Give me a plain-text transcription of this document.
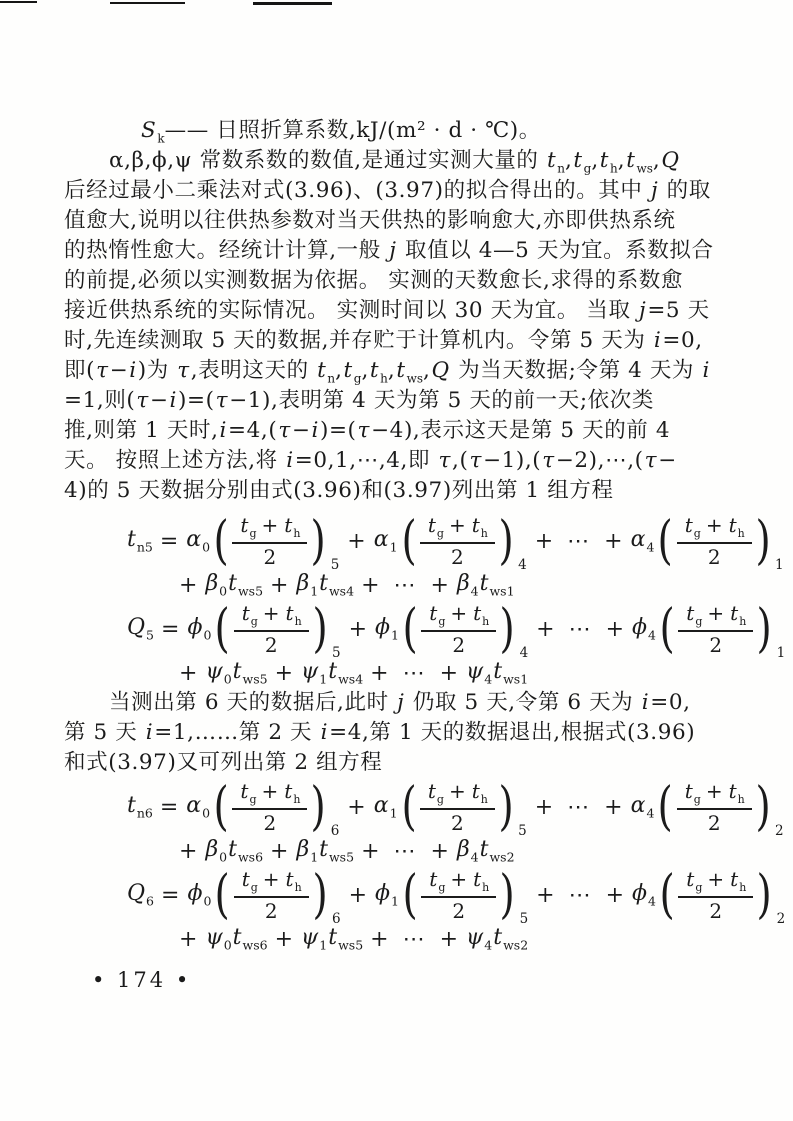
$S_k——$ 日照折算系数,kJ/(m² · d · ℃)。
α,β,ϕ,ψ 常数系数的数值,是通过实测大量的 $t_n,t_g,t_h,t_{ws},Q$
后经过最小二乘法对式(3.96)、(3.97)的拟合得出的。其中 j 的取
值愈大,说明以往供热参数对当天供热的影响愈大,亦即供热系统
的热惰性愈大。经统计计算,一般 j 取值以 4—5 天为宜。系数拟合
的前提,必须以实测数据为依据。 实测的天数愈长,求得的系数愈
接近供热系统的实际情况。 实测时间以 30 天为宜。 当取 j=5 天
时,先连续测取 5 天的数据,并存贮于计算机内。令第 5 天为 i=0,
即(τ−i)为 τ,表明这天的 $t_n,t_g,t_h,t_{ws},Q$ 为当天数据;令第 4 天为 i
=1,则(τ−i)=(τ−1),表明第 4 天为第 5 天的前一天;依次类
推,则第 1 天时,i=4,(τ−i)=(τ−4),表示这天是第 5 天的前 4
天。 按照上述方法,将 i=0,1,⋯,4,即 τ,(τ−1),(τ−2),⋯,(τ−
4)的 5 天数据分别由式(3.96)和(3.97)列出第 1 组方程
$t_{n5} = \alpha_0$ ( $\frac{t_g + t_h}{2}$ ) $_5$
+ $\alpha_1$ ( $\frac{t_g + t_h}{2}$ ) $_4$
+ ⋯ + $\alpha_4$ ( $\frac{t_g + t_h}{2}$ ) $_1$
+ $\beta_0$ $t_{ws5} + \beta_1$ $t_{ws4}$ + ⋯ + $\beta_4$ $t_{ws1}$
$Q_5 = \phi_0$ ( $\frac{t_g + t_h}{2}$ ) $_5$
+ $\phi_1$ ( $\frac{t_g + t_h}{2}$ ) $_4$
+ ⋯ + $\phi_4$ ( $\frac{t_g + t_h}{2}$ ) $_1$
+ $\psi_0$ $t_{ws5} + \psi_1$ $t_{ws4}$ + ⋯ + $\psi_4$ $t_{ws1}$
当测出第 6 天的数据后,此时 j 仍取 5 天,令第 6 天为 i=0,
第 5 天 i=1,……第 2 天 i=4,第 1 天的数据退出,根据式(3.96)
和式(3.97)又可列出第 2 组方程
$t_{n6} = \alpha_0$ ( $\frac{t_g + t_h}{2}$ ) $_6$
+ $\alpha_1$ ( $\frac{t_g + t_h}{2}$ ) $_5$
+ ⋯ + $\alpha_4$ ( $\frac{t_g + t_h}{2}$ ) $_2$
+ $\beta_0$ $t_{ws6} + \beta_1$ $t_{ws5}$ + ⋯ + $\beta_4$ $t_{ws2}$
$Q_6 = \phi_0$ ( $\frac{t_g + t_h}{2}$ ) $_6$
+ $\phi_1$ ( $\frac{t_g + t_h}{2}$ ) $_5$
+ ⋯ + $\phi_4$ ( $\frac{t_g + t_h}{2}$ ) $_2$
+ $\psi_0$ $t_{ws6} + \psi_1$ $t_{ws5}$ + ⋯ + $\psi_4$ $t_{ws2}$
• 174 •
